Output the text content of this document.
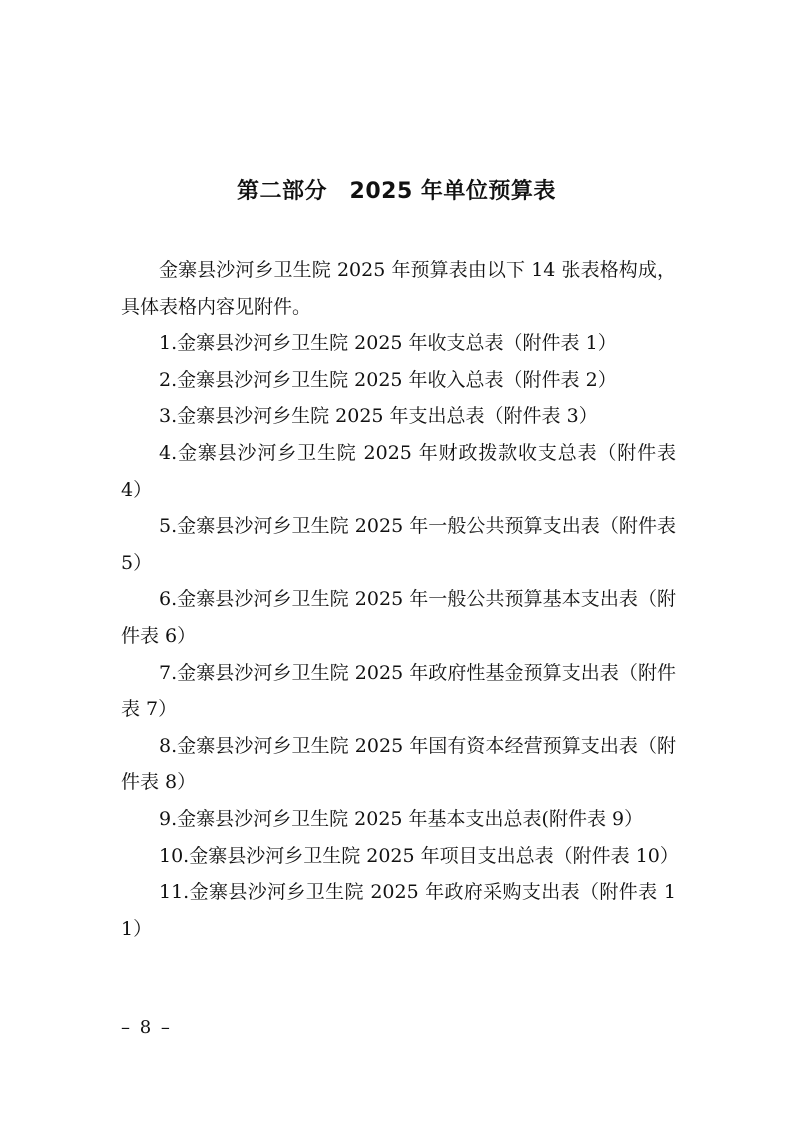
第二部分　2025 年单位预算表

金寨县沙河乡卫生院 2025 年预算表由以下 14 张表格构成，具体表格内容见附件。

1.金寨县沙河乡卫生院 2025 年收支总表（附件表 1）

2.金寨县沙河乡卫生院 2025 年收入总表（附件表 2）

3.金寨县沙河乡生院 2025 年支出总表（附件表 3）

4.金寨县沙河乡卫生院 2025 年财政拨款收支总表（附件表 4）

5.金寨县沙河乡卫生院 2025 年一般公共预算支出表（附件表 5）

6.金寨县沙河乡卫生院 2025 年一般公共预算基本支出表（附件表 6）

7.金寨县沙河乡卫生院 2025 年政府性基金预算支出表（附件表 7）

8.金寨县沙河乡卫生院 2025 年国有资本经营预算支出表（附件表 8）

9.金寨县沙河乡卫生院 2025 年基本支出总表(附件表 9）

10.金寨县沙河乡卫生院 2025 年项目支出总表（附件表 10）

11.金寨县沙河乡卫生院 2025 年政府采购支出表（附件表 11）

– 8 –
